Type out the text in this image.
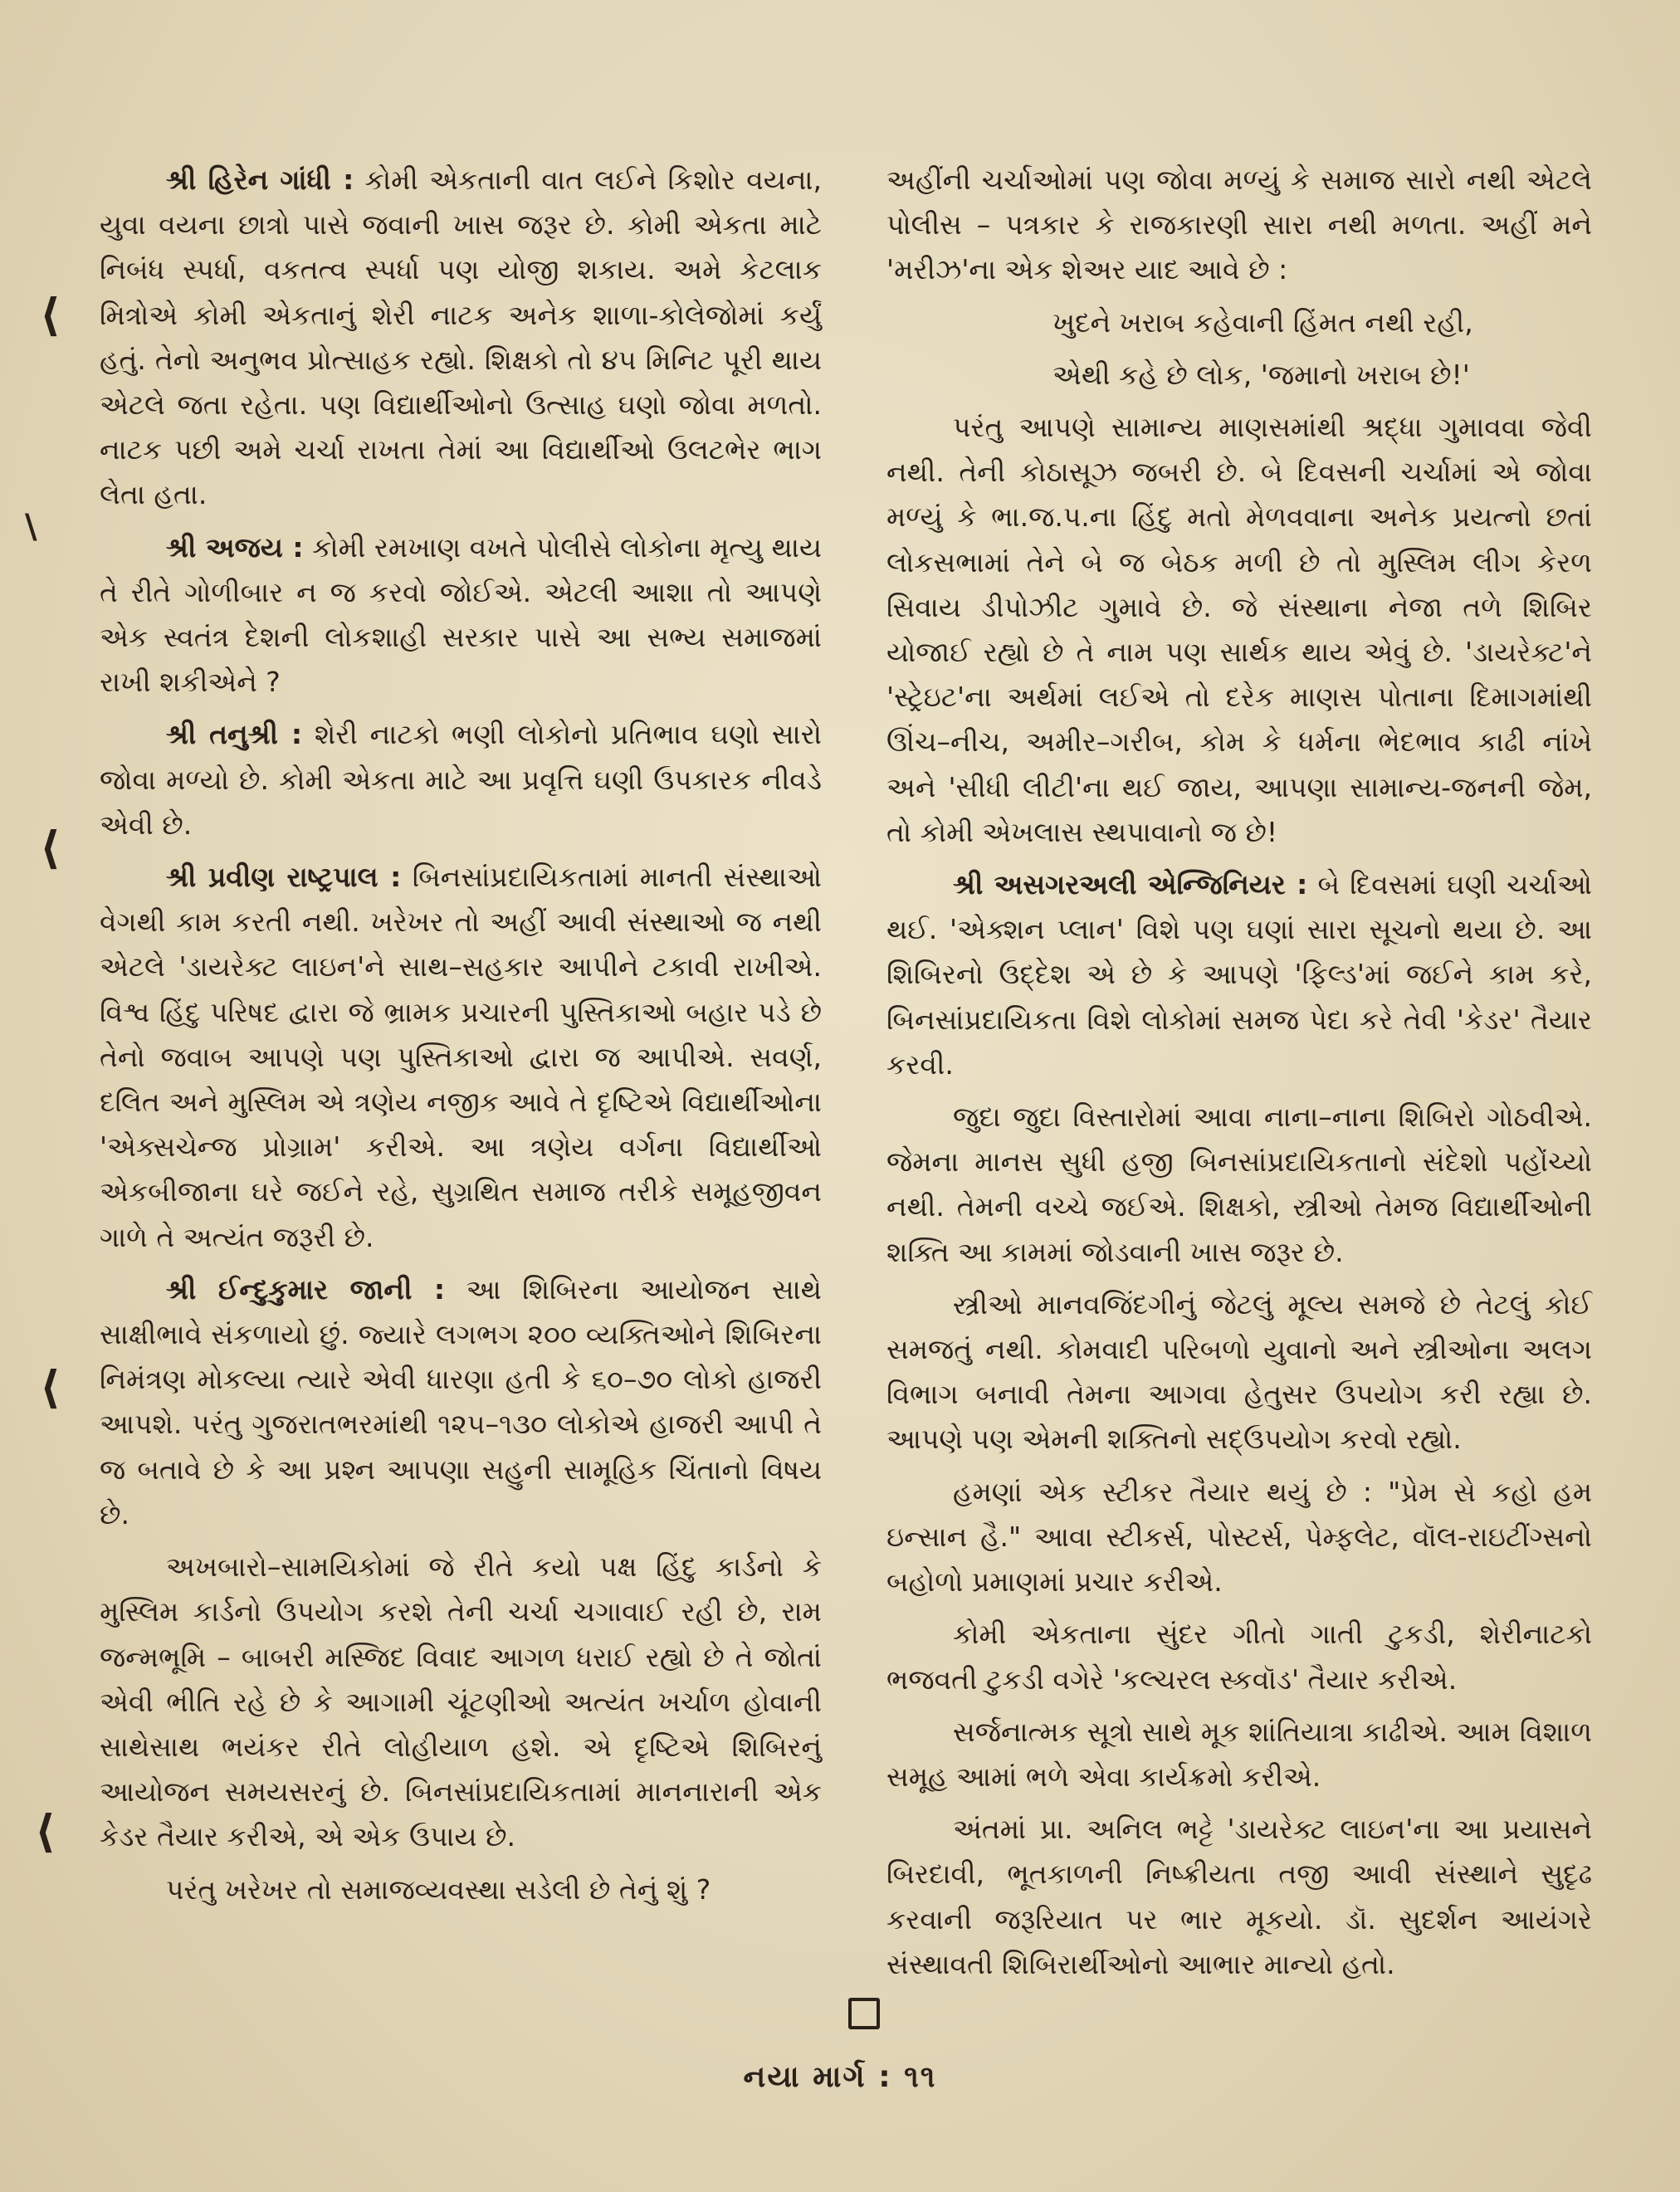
⟨
\
⟨
⟨
⟨

શ્રી હિરેન ગાંધી : કોમી એકતાની વાત લઈને કિશોર વયના, યુવા વયના છાત્રો પાસે જવાની ખાસ જરૂર છે. કોમી એકતા માટે નિબંધ સ્પર્ધા, વકતત્વ સ્પર્ધા પણ યોજી શકાય. અમે કેટલાક મિત્રોએ કોમી એકતાનું શેરી નાટક અનેક શાળા-કોલેજોમાં કર્યું હતું. તેનો અનુભવ પ્રોત્સાહક રહ્યો. શિક્ષકો તો ૪૫ મિનિટ પૂરી થાય એટલે જતા રહેતા. પણ વિદ્યાર્થીઓનો ઉત્સાહ ઘણો જોવા મળતો. નાટક પછી અમે ચર્ચા રાખતા તેમાં આ વિદ્યાર્થીઓ ઉલટભેર ભાગ લેતા હતા.

શ્રી અજય : કોમી રમખાણ વખતે પોલીસે લોકોના મૃત્યુ થાય તે રીતે ગોળીબાર ન જ કરવો જોઈએ. એટલી આશા તો આપણે એક સ્વતંત્ર દેશની લોકશાહી સરકાર પાસે આ સભ્ય સમાજમાં રાખી શકીએને ?

શ્રી તનુશ્રી : શેરી નાટકો ભણી લોકોનો પ્રતિભાવ ઘણો સારો જોવા મળ્યો છે. કોમી એકતા માટે આ પ્રવૃત્તિ ઘણી ઉપકારક નીવડે એવી છે.

શ્રી પ્રવીણ રાષ્ટ્રપાલ : બિનસાંપ્રદાયિકતામાં માનતી સંસ્થાઓ વેગથી કામ કરતી નથી. ખરેખર તો અહીં આવી સંસ્થાઓ જ નથી એટલે 'ડાયરેક્ટ લાઇન'ને સાથ–સહકાર આપીને ટકાવી રાખીએ. વિશ્વ હિંદુ પરિષદ દ્વારા જે ભ્રામક પ્રચારની પુસ્તિકાઓ બહાર પડે છે તેનો જવાબ આપણે પણ પુસ્તિકાઓ દ્વારા જ આપીએ. સવર્ણ, દલિત અને મુસ્લિમ એ ત્રણેય નજીક આવે તે દૃષ્ટિએ વિદ્યાર્થીઓના 'એક્સચેન્જ પ્રોગ્રામ' કરીએ. આ ત્રણેય વર્ગના વિદ્યાર્થીઓ એકબીજાના ઘરે જઈને રહે, સુગ્રથિત સમાજ તરીકે સમૂહજીવન ગાળે તે અત્યંત જરૂરી છે.

શ્રી ઈન્દુકુમાર જાની : આ શિબિરના આયોજન સાથે સાક્ષીભાવે સંકળાયો છું. જ્યારે લગભગ ૨૦૦ વ્યક્તિઓને શિબિરના નિમંત્રણ મોકલ્યા ત્યારે એવી ધારણા હતી કે ૬૦–૭૦ લોકો હાજરી આપશે. પરંતુ ગુજરાતભરમાંથી ૧૨૫–૧૩૦ લોકોએ હાજરી આપી તે જ બતાવે છે કે આ પ્રશ્ન આપણા સહુની સામૂહિક ચિંતાનો વિષય છે.

અખબારો–સામયિકોમાં જે રીતે કયો પક્ષ હિંદુ કાર્ડનો કે મુસ્લિમ કાર્ડનો ઉપયોગ કરશે તેની ચર્ચા ચગાવાઈ રહી છે, રામ જન્મભૂમિ – બાબરી મસ્જિદ વિવાદ આગળ ધરાઈ રહ્યો છે તે જોતાં એવી ભીતિ રહે છે કે આગામી ચૂંટણીઓ અત્યંત ખર્ચાળ હોવાની સાથેસાથ ભયંકર રીતે લોહીયાળ હશે. એ દૃષ્ટિએ શિબિરનું આયોજન સમયસરનું છે. બિનસાંપ્રદાયિકતામાં માનનારાની એક કેડર તૈયાર કરીએ, એ એક ઉપાય છે.

પરંતુ ખરેખર તો સમાજવ્યવસ્થા સડેલી છે તેનું શું ?

અહીંની ચર્ચાઓમાં પણ જોવા મળ્યું કે સમાજ સારો નથી એટલે પોલીસ – પત્રકાર કે રાજકારણી સારા નથી મળતા. અહીં મને 'મરીઝ'ના એક શેઅર યાદ આવે છે :

ખુદને ખરાબ કહેવાની હિંમત નથી રહી,

એથી કહે છે લોક, 'જમાનો ખરાબ છે!'

પરંતુ આપણે સામાન્ય માણસમાંથી શ્રદ્ધા ગુમાવવા જેવી નથી. તેની કોઠાસૂઝ જબરી છે. બે દિવસની ચર્ચામાં એ જોવા મળ્યું કે ભા.જ.પ.ના હિંદુ મતો મેળવવાના અનેક પ્રયત્નો છતાં લોકસભામાં તેને બે જ બેઠક મળી છે તો મુસ્લિમ લીગ કેરળ સિવાય ડીપોઝીટ ગુમાવે છે. જે સંસ્થાના નેજા તળે શિબિર યોજાઈ રહ્યો છે તે નામ પણ સાર્થક થાય એવું છે. 'ડાયરેક્ટ'ને 'સ્ટ્રેઇટ'ના અર્થમાં લઈએ તો દરેક માણસ પોતાના દિમાગમાંથી ઊંચ–નીચ, અમીર–ગરીબ, કોમ કે ધર્મના ભેદભાવ કાઢી નાંખે અને 'સીધી લીટી'ના થઈ જાય, આપણા સામાન્ય-જનની જેમ, તો કોમી એખલાસ સ્થપાવાનો જ છે!

શ્રી અસગરઅલી એન્જિનિયર : બે દિવસમાં ઘણી ચર્ચાઓ થઈ. 'એક્શન પ્લાન' વિશે પણ ઘણાં સારા સૂચનો થયા છે. આ શિબિરનો ઉદ્દેશ એ છે કે આપણે 'ફિલ્ડ'માં જઈને કામ કરે, બિનસાંપ્રદાયિકતા વિશે લોકોમાં સમજ પેદા કરે તેવી 'કેડર' તૈયાર કરવી.

જુદા જુદા વિસ્તારોમાં આવા નાના–નાના શિબિરો ગોઠવીએ. જેમના માનસ સુધી હજી બિનસાંપ્રદાયિકતાનો સંદેશો પહોંચ્યો નથી. તેમની વચ્ચે જઈએ. શિક્ષકો, સ્ત્રીઓ તેમજ વિદ્યાર્થીઓની શક્તિ આ કામમાં જોડવાની ખાસ જરૂર છે.

સ્ત્રીઓ માનવજિંદગીનું જેટલું મૂલ્ય સમજે છે તેટલું કોઈ સમજતું નથી. કોમવાદી પરિબળો યુવાનો અને સ્ત્રીઓના અલગ વિભાગ બનાવી તેમના આગવા હેતુસર ઉપયોગ કરી રહ્યા છે. આપણે પણ એમની શક્તિનો સદ્ઉપયોગ કરવો રહ્યો.

હમણાં એક સ્ટીકર તૈયાર થયું છે : "પ્રેમ સે કહો હમ ઇન્સાન હૈ." આવા સ્ટીકર્સ, પોસ્ટર્સ, પેમ્ફલેટ, વૉલ-રાઇટીંગ્સનો બહોળો પ્રમાણમાં પ્રચાર કરીએ.

કોમી એકતાના સુંદર ગીતો ગાતી ટુકડી, શેરીનાટકો ભજવતી ટુકડી વગેરે 'કલ્ચરલ સ્કવૉડ' તૈયાર કરીએ.

સર્જનાત્મક સૂત્રો સાથે મૂક શાંતિયાત્રા કાઢીએ. આમ વિશાળ સમૂહ આમાં ભળે એવા કાર્યક્રમો કરીએ.

અંતમાં પ્રા. અનિલ ભટ્ટે 'ડાયરેક્ટ લાઇન'ના આ પ્રયાસને બિરદાવી, ભૂતકાળની નિષ્ક્રીયતા તજી આવી સંસ્થાને સુદૃઢ કરવાની જરૂરિયાત પર ભાર મૂકયો. ડૉ. સુદર્શન આયંગરે સંસ્થાવતી શિબિરાર્થીઓનો આભાર માન્યો હતો.

નયા માર્ગ : ૧૧
